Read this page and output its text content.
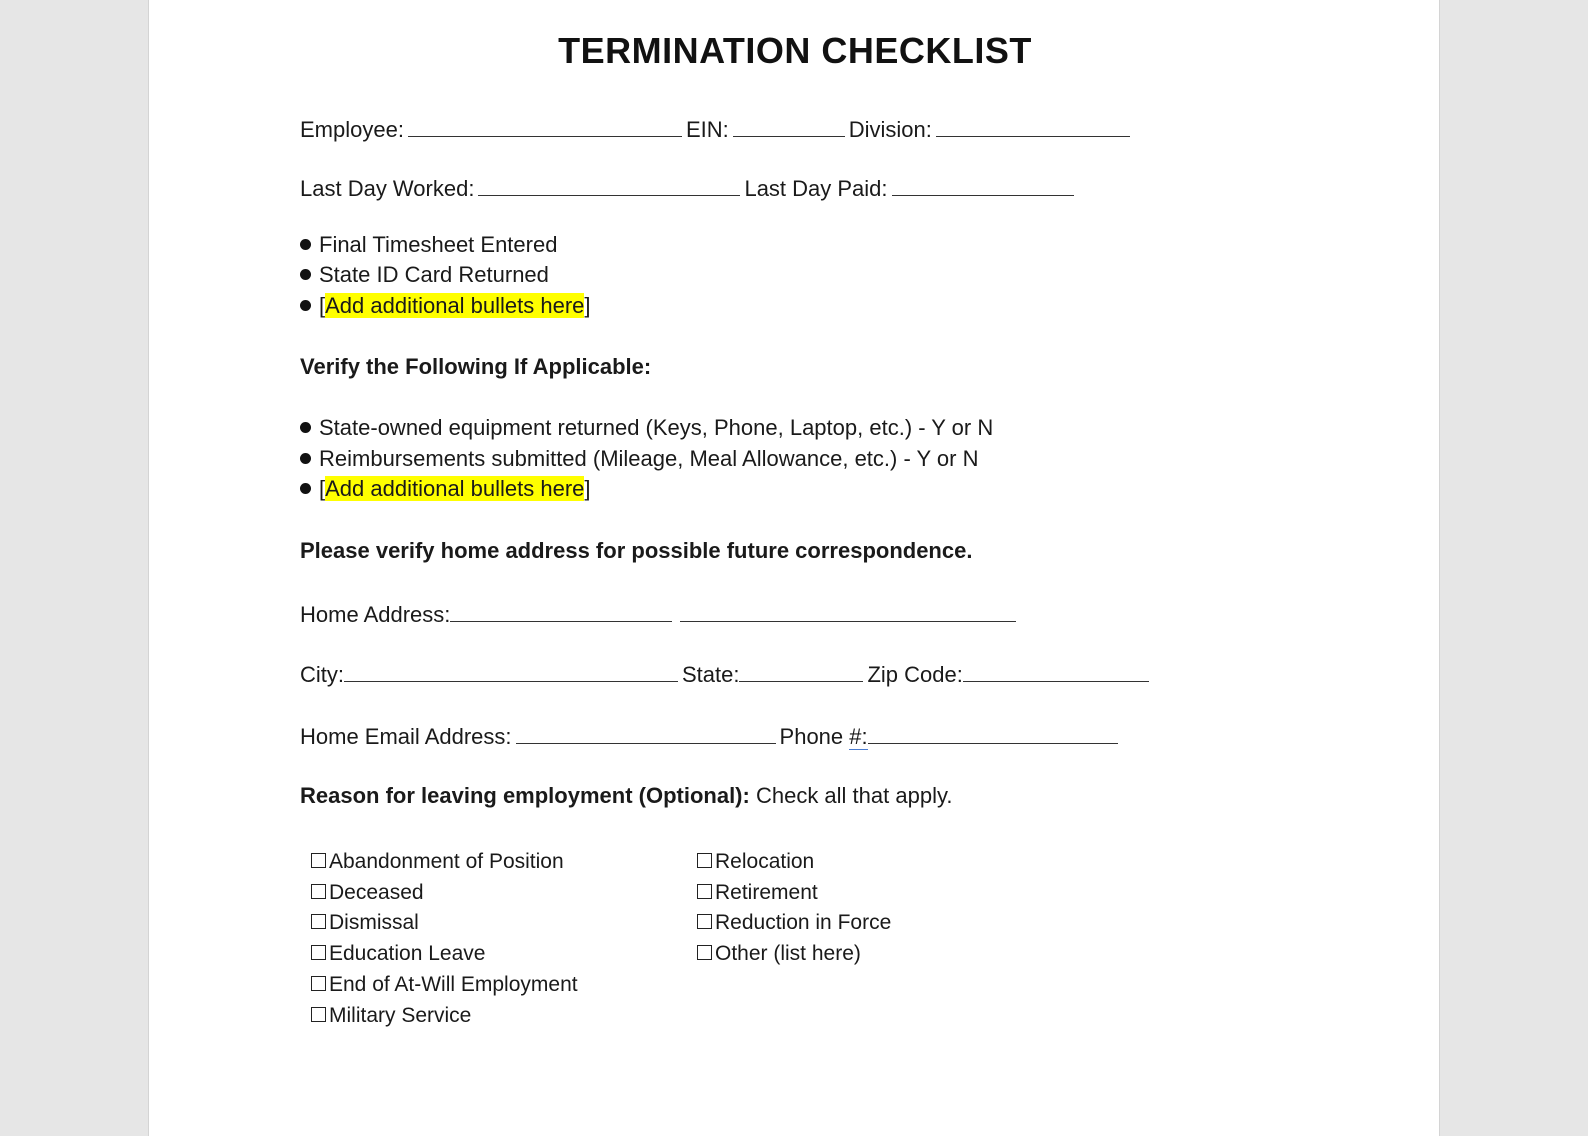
TERMINATION CHECKLIST
Employee:	EIN:	Division:
Last Day Worked:	Last Day Paid:
Final Timesheet Entered
State ID Card Returned
[Add additional bullets here]
Verify the Following If Applicable:
State-owned equipment returned (Keys, Phone, Laptop, etc.) - Y or N
Reimbursements submitted (Mileage, Meal Allowance, etc.) - Y or N
[Add additional bullets here]
Please verify home address for possible future correspondence.
Home Address:
City:	State:	Zip Code:
Home Email Address:	Phone #:
Reason for leaving employment (Optional): Check all that apply.
Abandonment of Position
Deceased
Dismissal
Education Leave
End of At-Will Employment
Military Service
Relocation
Retirement
Reduction in Force
Other (list here)
